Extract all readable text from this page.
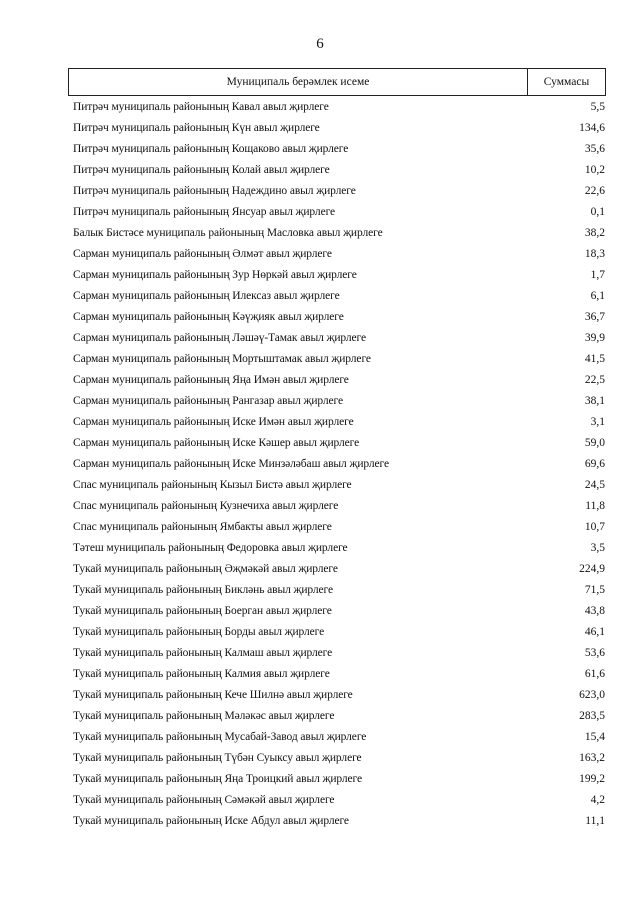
6
Муниципаль берәмлек исеме	Суммасы
Питрәч муниципаль районының Кавал авыл җирлеге	5,5
Питрәч муниципаль районының Күн авыл җирлеге	134,6
Питрәч муниципаль районының Кощаково авыл җирлеге	35,6
Питрәч муниципаль районының Колай авыл җирлеге	10,2
Питрәч муниципаль районының Надеждино авыл җирлеге	22,6
Питрәч муниципаль районының Янсуар авыл җирлеге	0,1
Балык Бистәсе муниципаль районының Масловка авыл җирлеге	38,2
Сарман муниципаль районының Әлмәт авыл җирлеге	18,3
Сарман муниципаль районының Зур Нөркәй авыл җирлеге	1,7
Сарман муниципаль районының Илексаз авыл җирлеге	6,1
Сарман муниципаль районының Кәүҗияк авыл җирлеге	36,7
Сарман муниципаль районының Ләшәү-Тамак авыл җирлеге	39,9
Сарман муниципаль районының Мортыштамак авыл җирлеге	41,5
Сарман муниципаль районының Яңа Имән авыл җирлеге	22,5
Сарман муниципаль районының Рангазар авыл җирлеге	38,1
Сарман муниципаль районының Иске Имән авыл җирлеге	3,1
Сарман муниципаль районының Иске Кәшер авыл җирлеге	59,0
Сарман муниципаль районының Иске Минзәләбаш авыл җирлеге	69,6
Спас муниципаль районының Кызыл Бистә авыл җирлеге	24,5
Спас муниципаль районының Кузнечиха авыл җирлеге	11,8
Спас муниципаль районының Ямбакты авыл җирлеге	10,7
Тәтеш муниципаль районының Федоровка авыл җирлеге	3,5
Тукай муниципаль районының Әҗмәкәй авыл җирлеге	224,9
Тукай муниципаль районының Бикләнь авыл җирлеге	71,5
Тукай муниципаль районының Боерган авыл җирлеге	43,8
Тукай муниципаль районының Борды авыл җирлеге	46,1
Тукай муниципаль районының Калмаш авыл җирлеге	53,6
Тукай муниципаль районының Калмия авыл җирлеге	61,6
Тукай муниципаль районының Кече Шилнә авыл җирлеге	623,0
Тукай муниципаль районының Мәләкәс авыл җирлеге	283,5
Тукай муниципаль районының Мусабай-Завод авыл җирлеге	15,4
Тукай муниципаль районының Түбән Суыксу авыл җирлеге	163,2
Тукай муниципаль районының Яңа Троицкий авыл җирлеге	199,2
Тукай муниципаль районының Сәмәкәй авыл җирлеге	4,2
Тукай муниципаль районының Иске Абдул авыл җирлеге	11,1
